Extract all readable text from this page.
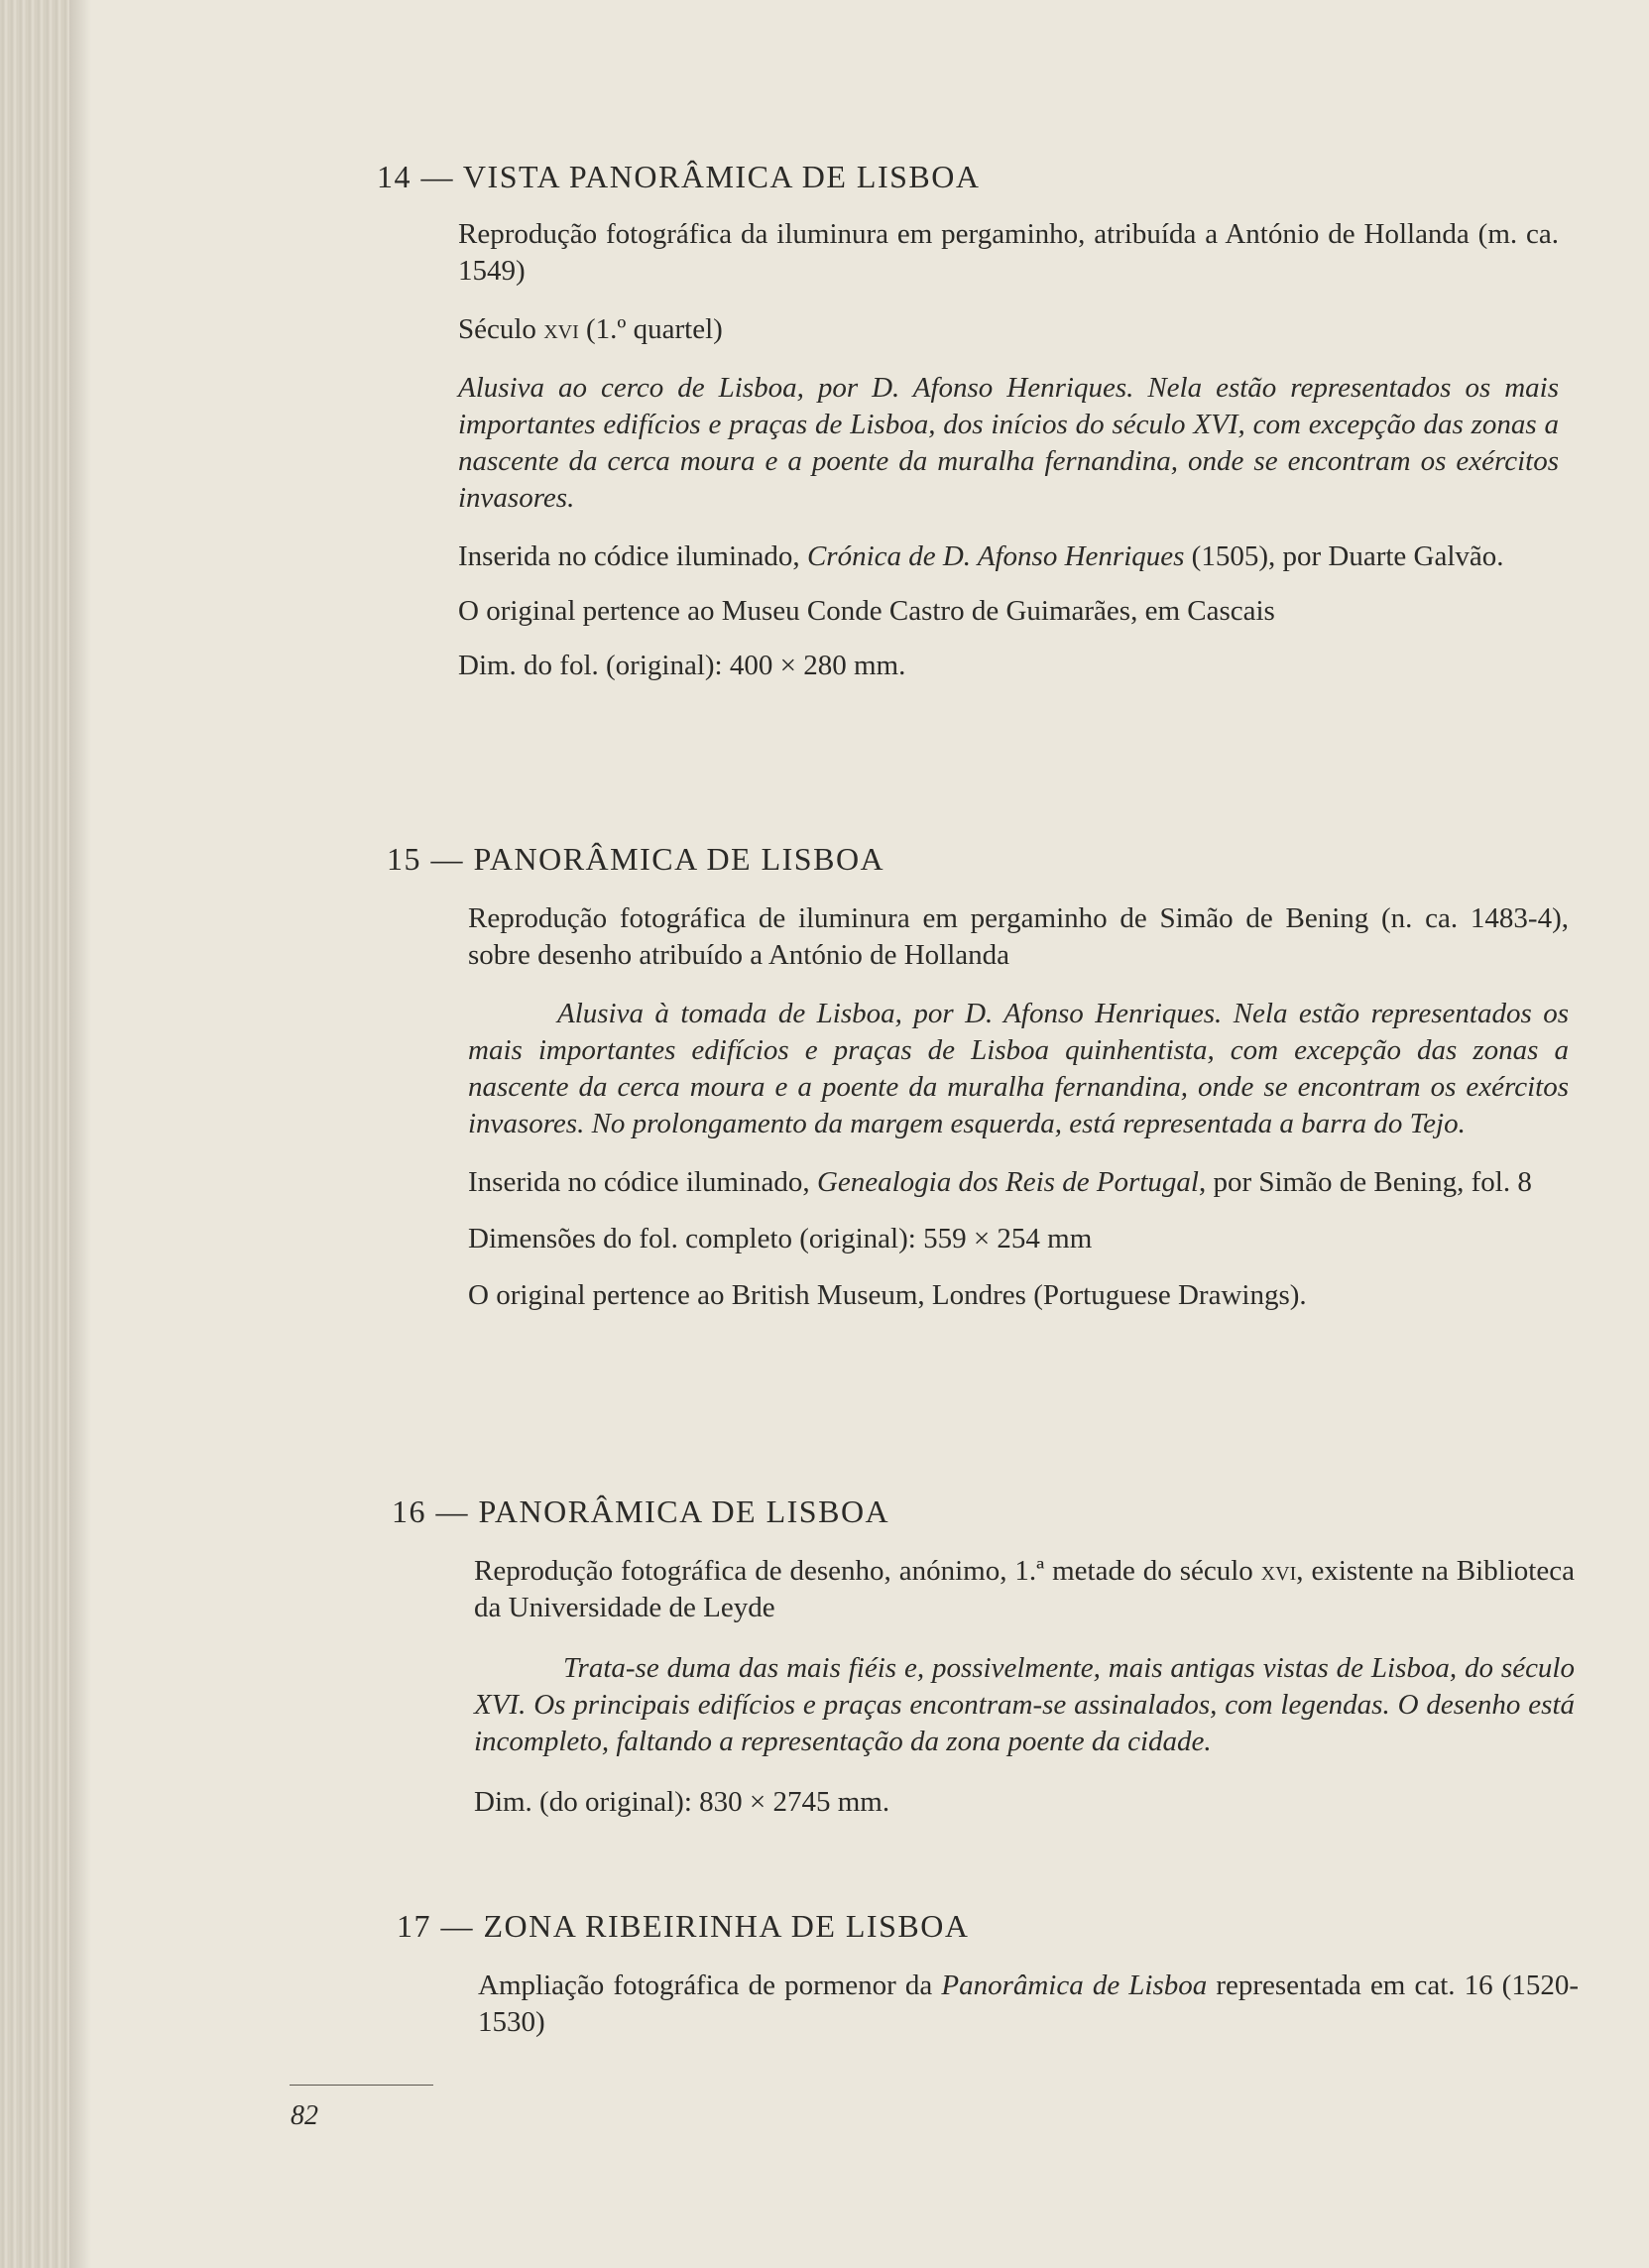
14 — VISTA PANORÂMICA DE LISBOA

Reprodução fotográfica da iluminura em pergaminho, atribuída a António de Hollanda (m. ca. 1549)

Século xvi (1.º quartel)

Alusiva ao cerco de Lisboa, por D. Afonso Henriques. Nela estão representados os mais importantes edifícios e praças de Lisboa, dos inícios do século XVI, com excepção das zonas a nascente da cerca moura e a poente da muralha fernandina, onde se encontram os exércitos invasores.

Inserida no códice iluminado, Crónica de D. Afonso Henriques (1505), por Duarte Galvão.

O original pertence ao Museu Conde Castro de Guimarães, em Cascais

Dim. do fol. (original): 400 × 280 mm.

15 — PANORÂMICA DE LISBOA

Reprodução fotográfica de iluminura em pergaminho de Simão de Bening (n. ca. 1483-4), sobre desenho atribuído a António de Hollanda

Alusiva à tomada de Lisboa, por D. Afonso Henriques. Nela estão representados os mais importantes edifícios e praças de Lisboa quinhentista, com excepção das zonas a nascente da cerca moura e a poente da muralha fernandina, onde se encontram os exércitos invasores. No prolongamento da margem esquerda, está representada a barra do Tejo.

Inserida no códice iluminado, Genealogia dos Reis de Portugal, por Simão de Bening, fol. 8

Dimensões do fol. completo (original): 559 × 254 mm

O original pertence ao British Museum, Londres (Portuguese Drawings).

16 — PANORÂMICA DE LISBOA

Reprodução fotográfica de desenho, anónimo, 1.ª metade do século xvi, existente na Biblioteca da Universidade de Leyde

Trata-se duma das mais fiéis e, possivelmente, mais antigas vistas de Lisboa, do século XVI. Os principais edifícios e praças encontram-se assinalados, com legendas. O desenho está incompleto, faltando a representação da zona poente da cidade.

Dim. (do original): 830 × 2745 mm.

17 — ZONA RIBEIRINHA DE LISBOA

Ampliação fotográfica de pormenor da Panorâmica de Lisboa representada em cat. 16 (1520-1530)

82
